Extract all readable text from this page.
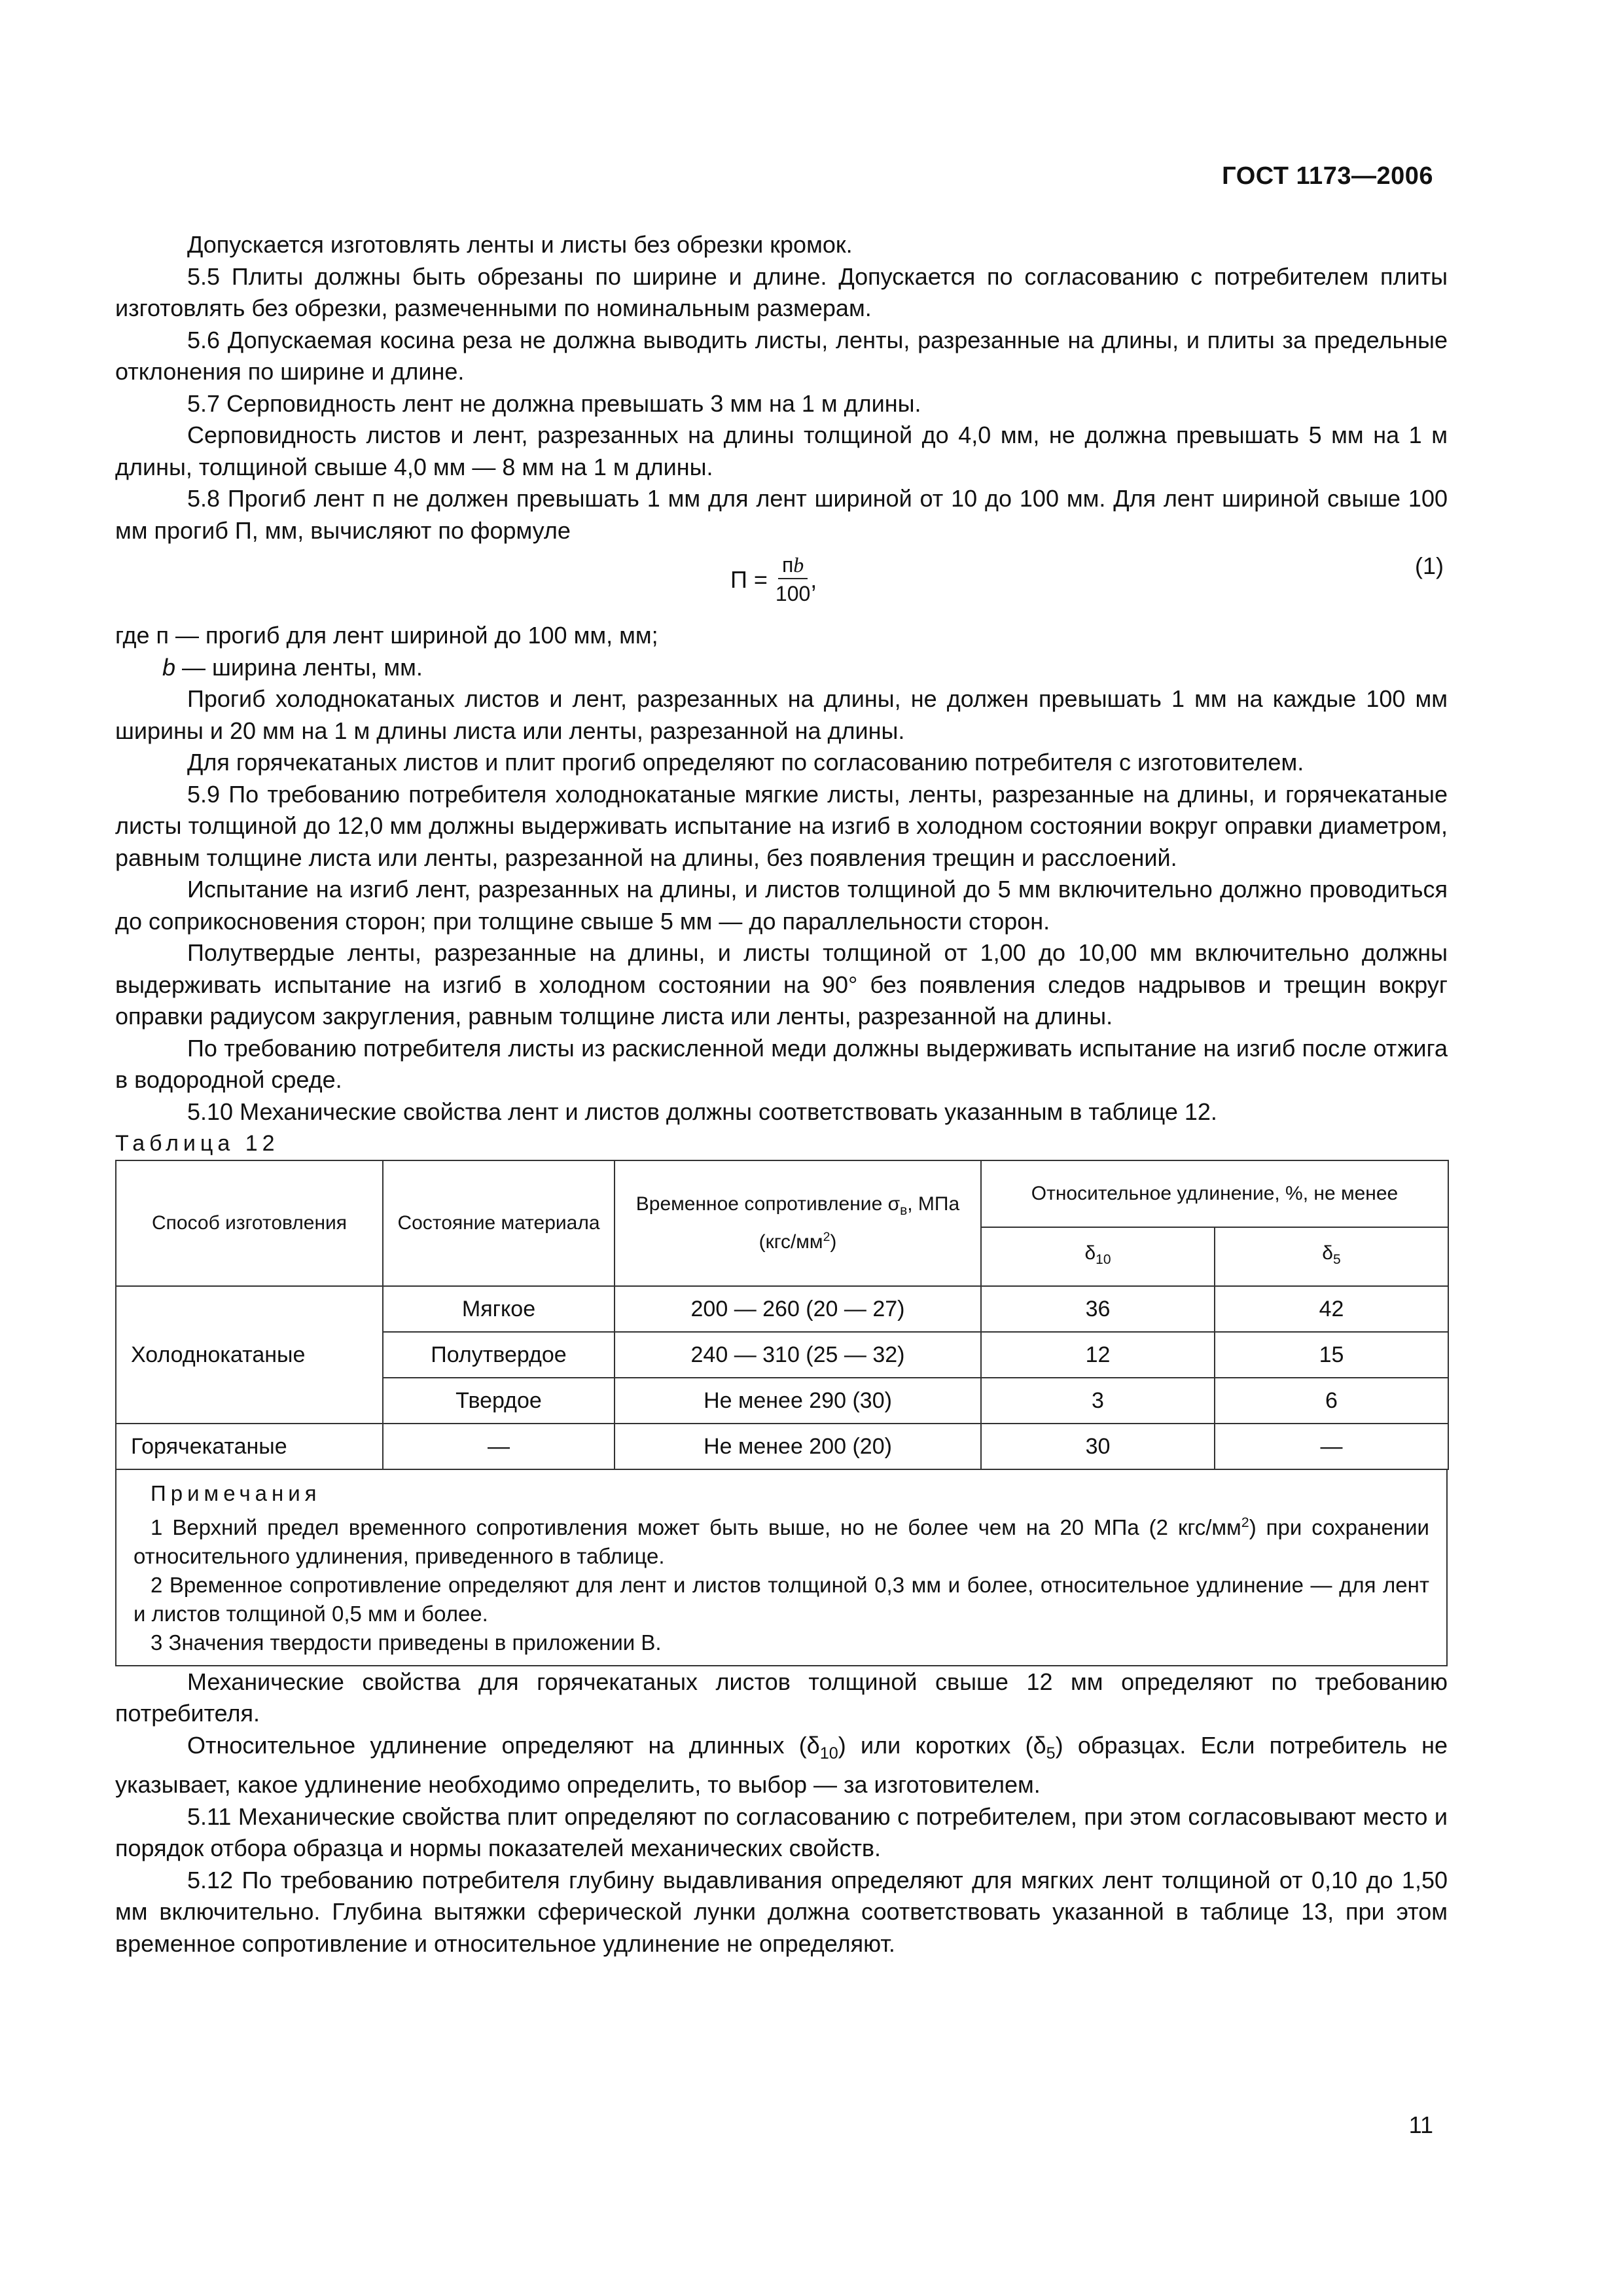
ГОСТ 1173—2006

Допускается изготовлять ленты и листы без обрезки кромок.

5.5 Плиты должны быть обрезаны по ширине и длине. Допускается по согласованию с потребителем плиты изготовлять без обрезки, размеченными по номинальным размерам.

5.6 Допускаемая косина реза не должна выводить листы, ленты, разрезанные на длины, и плиты за предельные отклонения по ширине и длине.

5.7 Серповидность лент не должна превышать 3 мм на 1 м длины.

Серповидность листов и лент, разрезанных на длины толщиной до 4,0 мм, не должна превышать 5 мм на 1 м длины, толщиной свыше 4,0 мм — 8 мм на 1 м длины.

5.8 Прогиб лент п не должен превышать 1 мм для лент шириной от 10 до 100 мм. Для лент шириной свыше 100 мм прогиб П, мм, вычисляют по формуле

$П = \frac{пb}{100}$ ,
(1)

где п — прогиб для лент шириной до 100 мм, мм;

b — ширина ленты, мм.

Прогиб холоднокатаных листов и лент, разрезанных на длины, не должен превышать 1 мм на каждые 100 мм ширины и 20 мм на 1 м длины листа или ленты, разрезанной на длины.

Для горячекатаных листов и плит прогиб определяют по согласованию потребителя с изготовителем.

5.9 По требованию потребителя холоднокатаные мягкие листы, ленты, разрезанные на длины, и горячекатаные листы толщиной до 12,0 мм должны выдерживать испытание на изгиб в холодном состоянии вокруг оправки диаметром, равным толщине листа или ленты, разрезанной на длины, без появления трещин и расслоений.

Испытание на изгиб лент, разрезанных на длины, и листов толщиной до 5 мм включительно должно проводиться до соприкосновения сторон; при толщине свыше 5 мм — до параллельности сторон.

Полутвердые ленты, разрезанные на длины, и листы толщиной от 1,00 до 10,00 мм включительно должны выдерживать испытание на изгиб в холодном состоянии на 90° без появления следов надрывов и трещин вокруг оправки радиусом закругления, равным толщине листа или ленты, разрезанной на длины.

По требованию потребителя листы из раскисленной меди должны выдерживать испытание на изгиб после отжига в водородной среде.

5.10 Механические свойства лент и листов должны соответствовать указанным в таблице 12.

Таблица 12

Способ изготовления	Состояние материала	Временное сопротивление $\sigma_в$, МПа $(кгс/мм^2)$	Относительное удлинение, %, не менее	
			$\delta_{10}$	$\delta_5$
Холоднокатаные	Мягкое	200 — 260 (20 — 27)	36	42
	Полутвердое	240 — 310 (25 — 32)	12	15
	Твердое	Не менее 290 (30)	3	6
Горячекатаные	—	Не менее 200 (20)	30	—

Примечания

1 Верхний предел временного сопротивления может быть выше, но не более чем на 20 МПа (2 кгс/$мм^2$) при сохранении относительного удлинения, приведенного в таблице.

2 Временное сопротивление определяют для лент и листов толщиной 0,3 мм и более, относительное удлинение — для лент и листов толщиной 0,5 мм и более.

3 Значения твердости приведены в приложении В.

Механические свойства для горячекатаных листов толщиной свыше 12 мм определяют по требованию потребителя.

Относительное удлинение определяют на длинных $(\delta_{10})$ или коротких $(\delta_5)$ образцах. Если потребитель не указывает, какое удлинение необходимо определить, то выбор — за изготовителем.

5.11 Механические свойства плит определяют по согласованию с потребителем, при этом согласовывают место и порядок отбора образца и нормы показателей механических свойств.

5.12 По требованию потребителя глубину выдавливания определяют для мягких лент толщиной от 0,10 до 1,50 мм включительно. Глубина вытяжки сферической лунки должна соответствовать указанной в таблице 13, при этом временное сопротивление и относительное удлинение не определяют.

11
